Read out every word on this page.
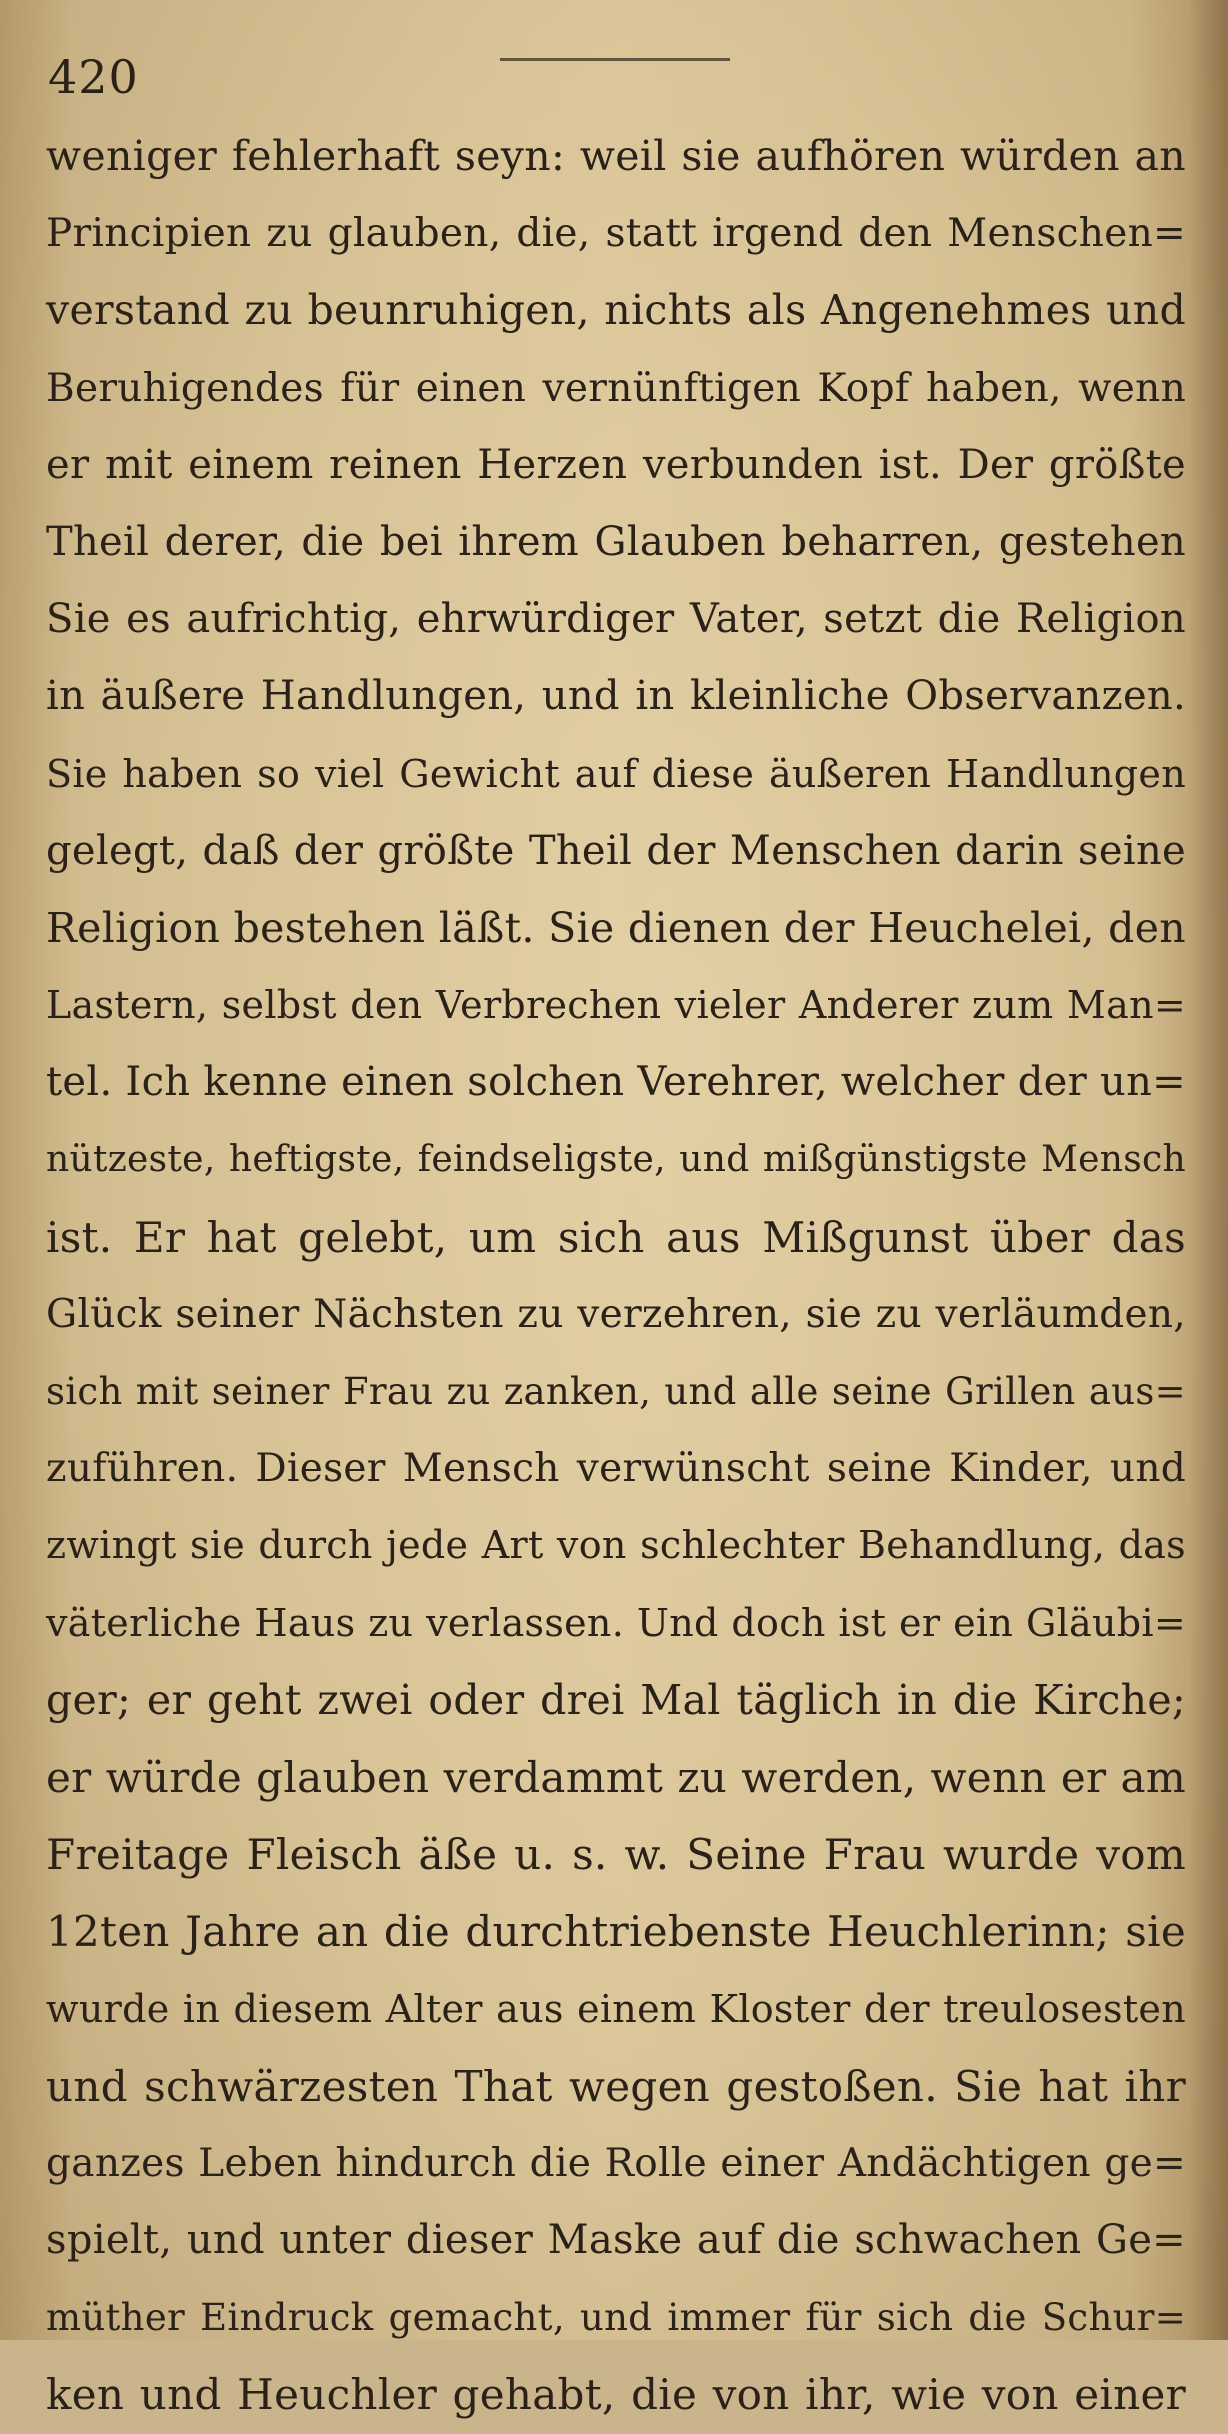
420
weniger fehlerhaft seyn: weil sie aufhören würden an
Principien zu glauben, die, statt irgend den Menschen=
verstand zu beunruhigen, nichts als Angenehmes und
Beruhigendes für einen vernünftigen Kopf haben, wenn
er mit einem reinen Herzen verbunden ist. Der größte
Theil derer, die bei ihrem Glauben beharren, gestehen
Sie es aufrichtig, ehrwürdiger Vater, setzt die Religion
in äußere Handlungen, und in kleinliche Observanzen.
Sie haben so viel Gewicht auf diese äußeren Handlungen
gelegt, daß der größte Theil der Menschen darin seine
Religion bestehen läßt. Sie dienen der Heuchelei, den
Lastern, selbst den Verbrechen vieler Anderer zum Man=
tel. Ich kenne einen solchen Verehrer, welcher der un=
nützeste, heftigste, feindseligste, und mißgünstigste Mensch
ist. Er hat gelebt, um sich aus Mißgunst über das
Glück seiner Nächsten zu verzehren, sie zu verläumden,
sich mit seiner Frau zu zanken, und alle seine Grillen aus=
zuführen. Dieser Mensch verwünscht seine Kinder, und
zwingt sie durch jede Art von schlechter Behandlung, das
väterliche Haus zu verlassen. Und doch ist er ein Gläubi=
ger; er geht zwei oder drei Mal täglich in die Kirche;
er würde glauben verdammt zu werden, wenn er am
Freitage Fleisch äße u. s. w. Seine Frau wurde vom
12ten Jahre an die durchtriebenste Heuchlerinn; sie
wurde in diesem Alter aus einem Kloster der treulosesten
und schwärzesten That wegen gestoßen. Sie hat ihr
ganzes Leben hindurch die Rolle einer Andächtigen ge=
spielt, und unter dieser Maske auf die schwachen Ge=
müther Eindruck gemacht, und immer für sich die Schur=
ken und Heuchler gehabt, die von ihr, wie von einer
